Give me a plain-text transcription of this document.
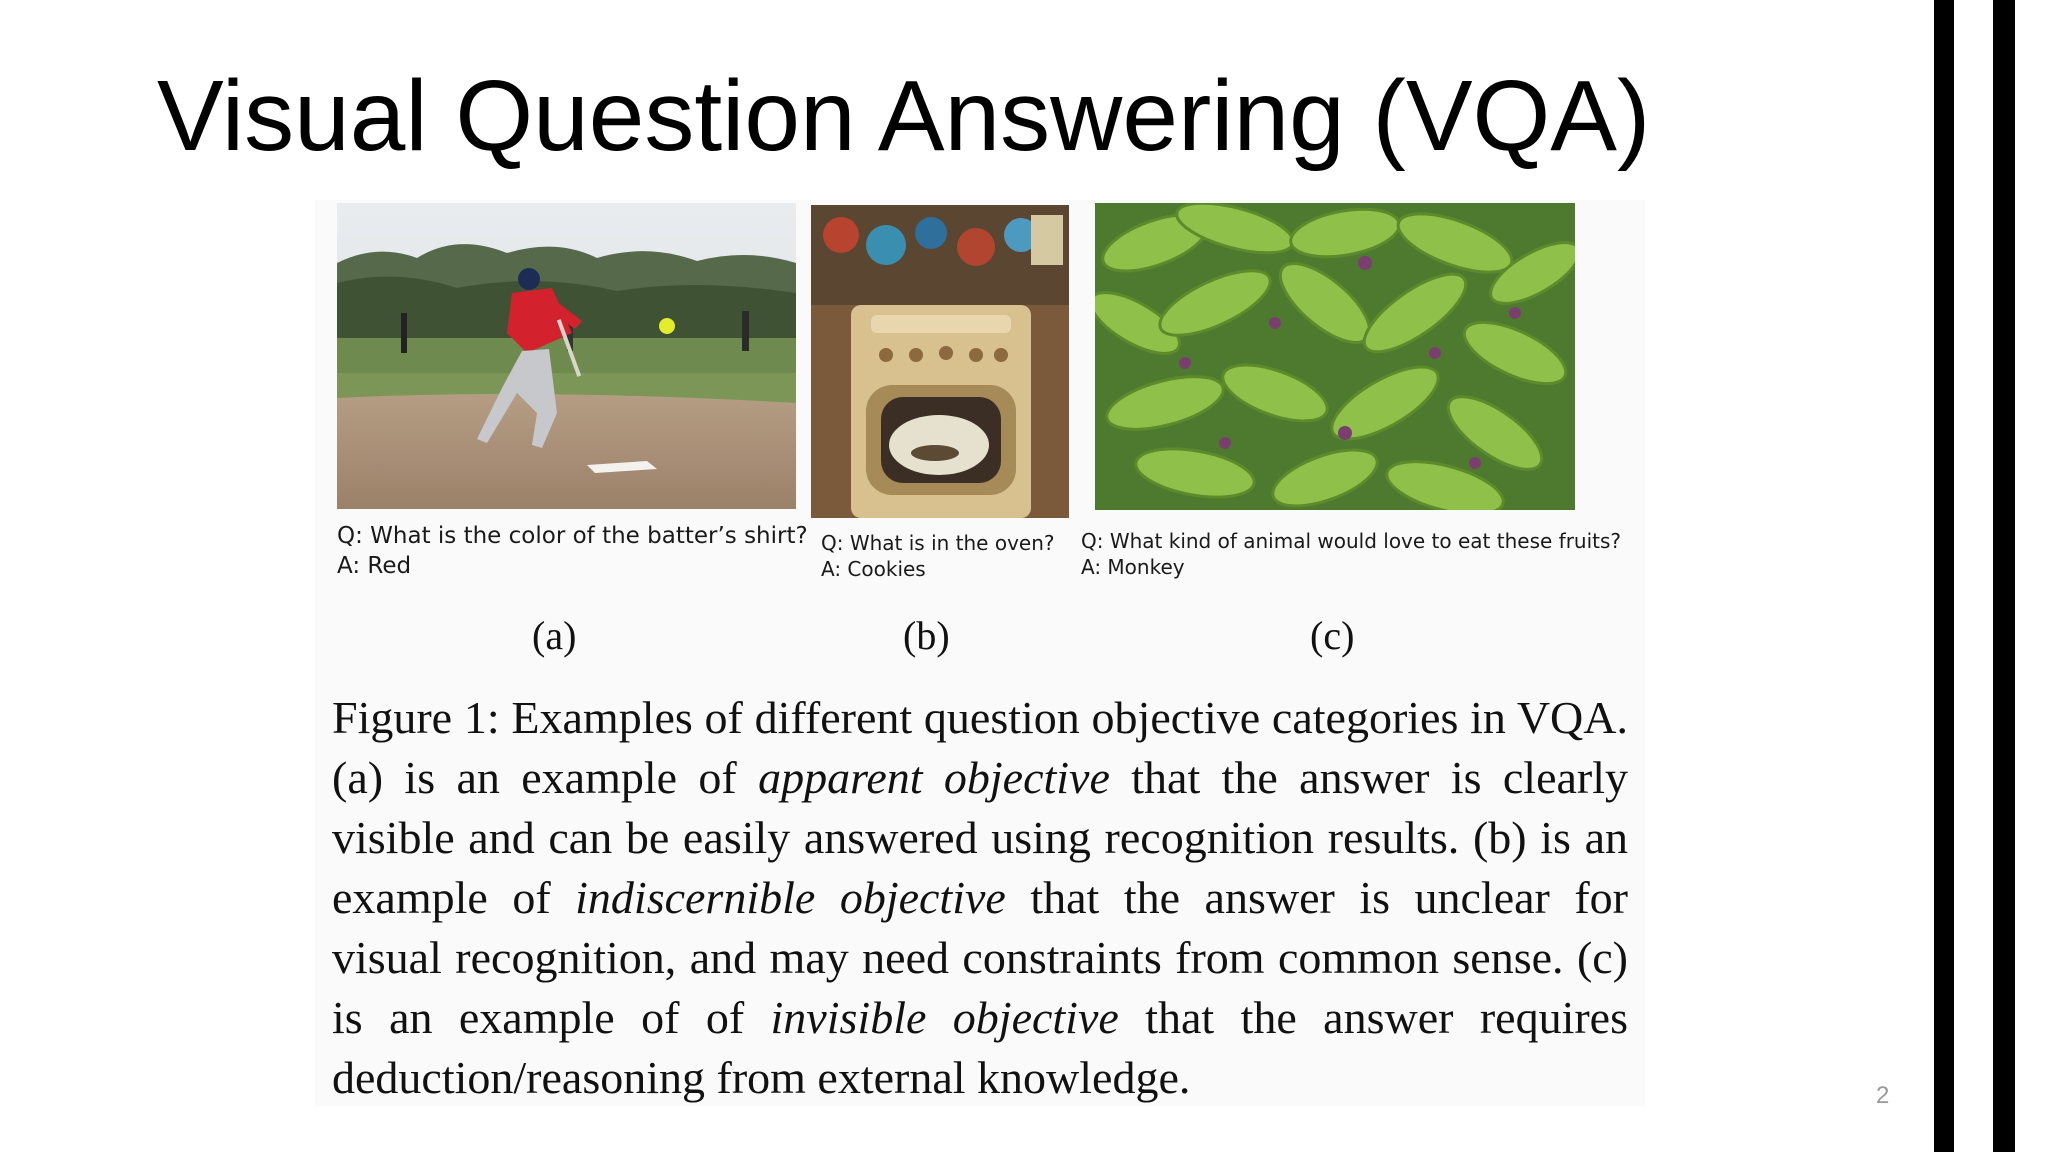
Visual Question Answering (VQA)
Q: What is the color of the batter’s shirt?
A: Red
(a)
Q: What is in the oven?
A: Cookies
(b)
Q: What kind of animal would love to eat these fruits?
A: Monkey
(c)

Figure 1: Examples of different question objective categories in VQA. (a) is an example of apparent objective that the answer is clearly visible and can be easily answered using recognition results. (b) is an example of indiscernible objective that the answer is unclear for visual recognition, and may need constraints from common sense. (c) is an example of of invisible objective that the answer requires deduction/reasoning from external knowledge.	2
